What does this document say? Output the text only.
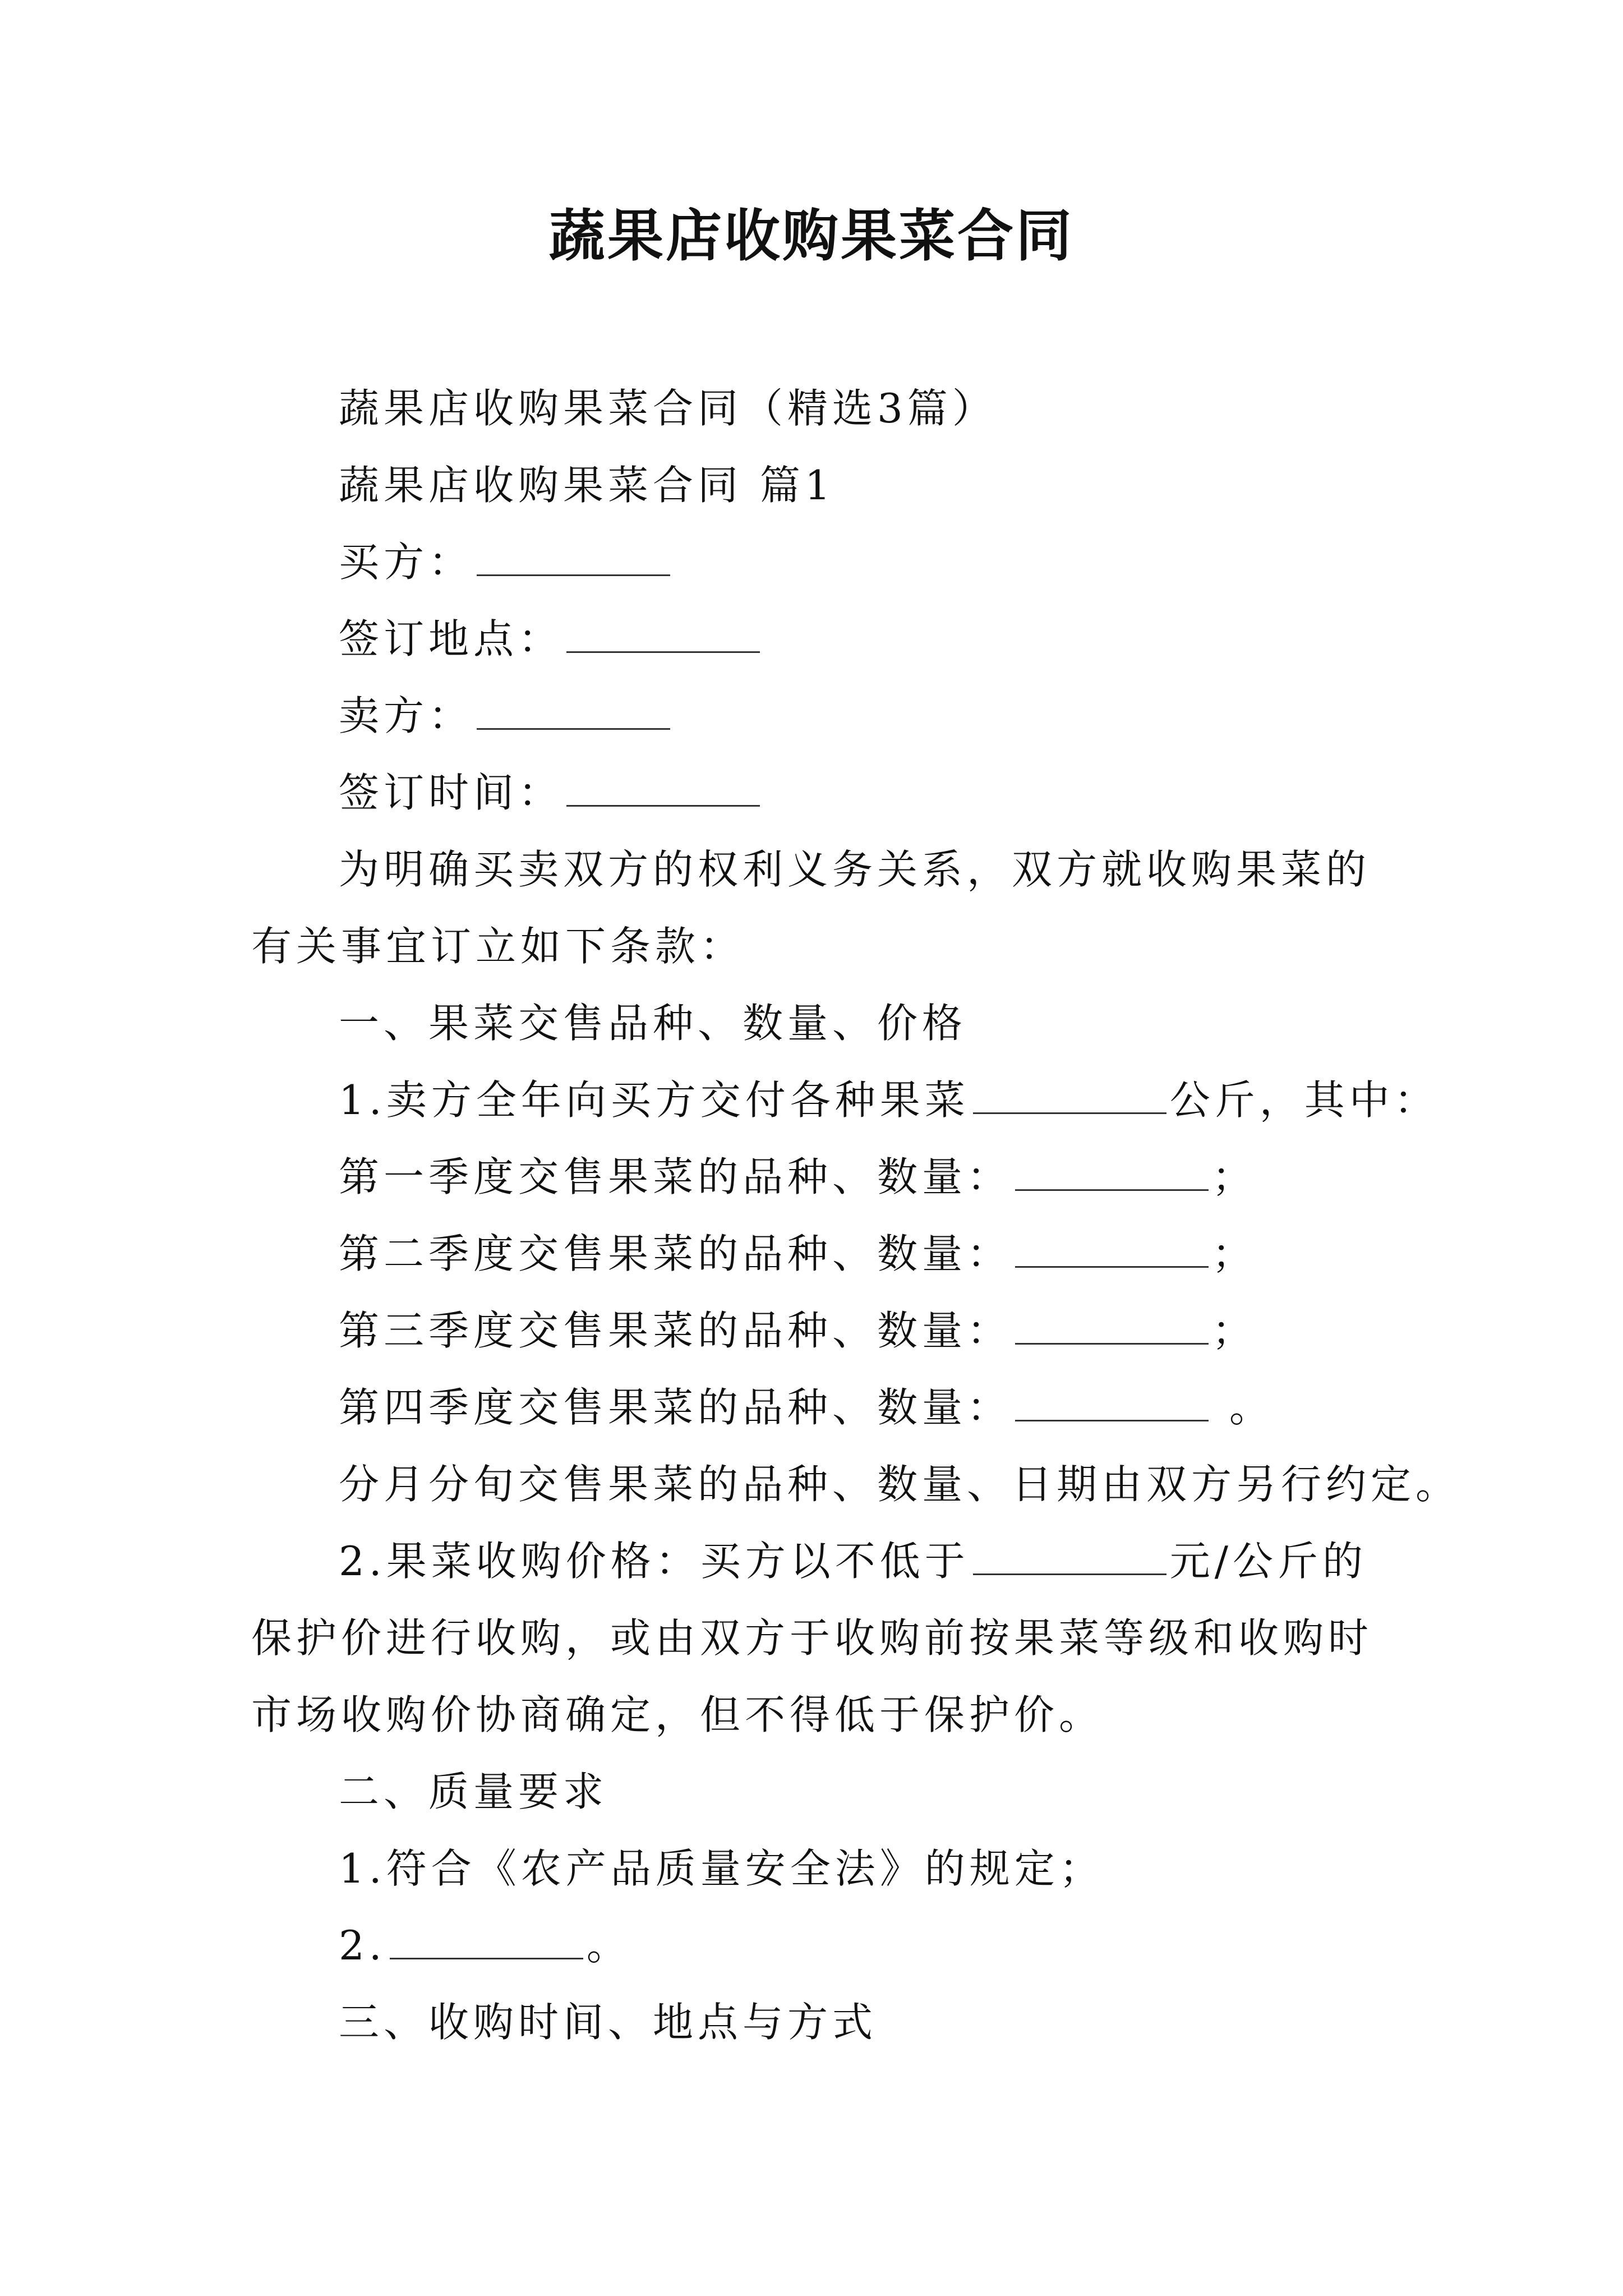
蔬果店收购果菜合同

蔬果店收购果菜合同（精选3篇）

蔬果店收购果菜合同 篇1

买方：

签订地点：

卖方：

签订时间：

为明确买卖双方的权利义务关系，双方就收购果菜的有关事宜订立如下条款：

一、果菜交售品种、数量、价格

1.卖方全年向买方交付各种果菜	公斤，其中：

第一季度交售果菜的品种、数量：	；

第二季度交售果菜的品种、数量：	；

第三季度交售果菜的品种、数量：	；

第四季度交售果菜的品种、数量：	。

分月分旬交售果菜的品种、数量、日期由双方另行约定。

2.果菜收购价格：买方以不低于	元/公斤的保护价进行收购，或由双方于收购前按果菜等级和收购时市场收购价协商确定，但不得低于保护价。

二、质量要求

1.符合《农产品质量安全法》的规定；

2.	。

三、收购时间、地点与方式
